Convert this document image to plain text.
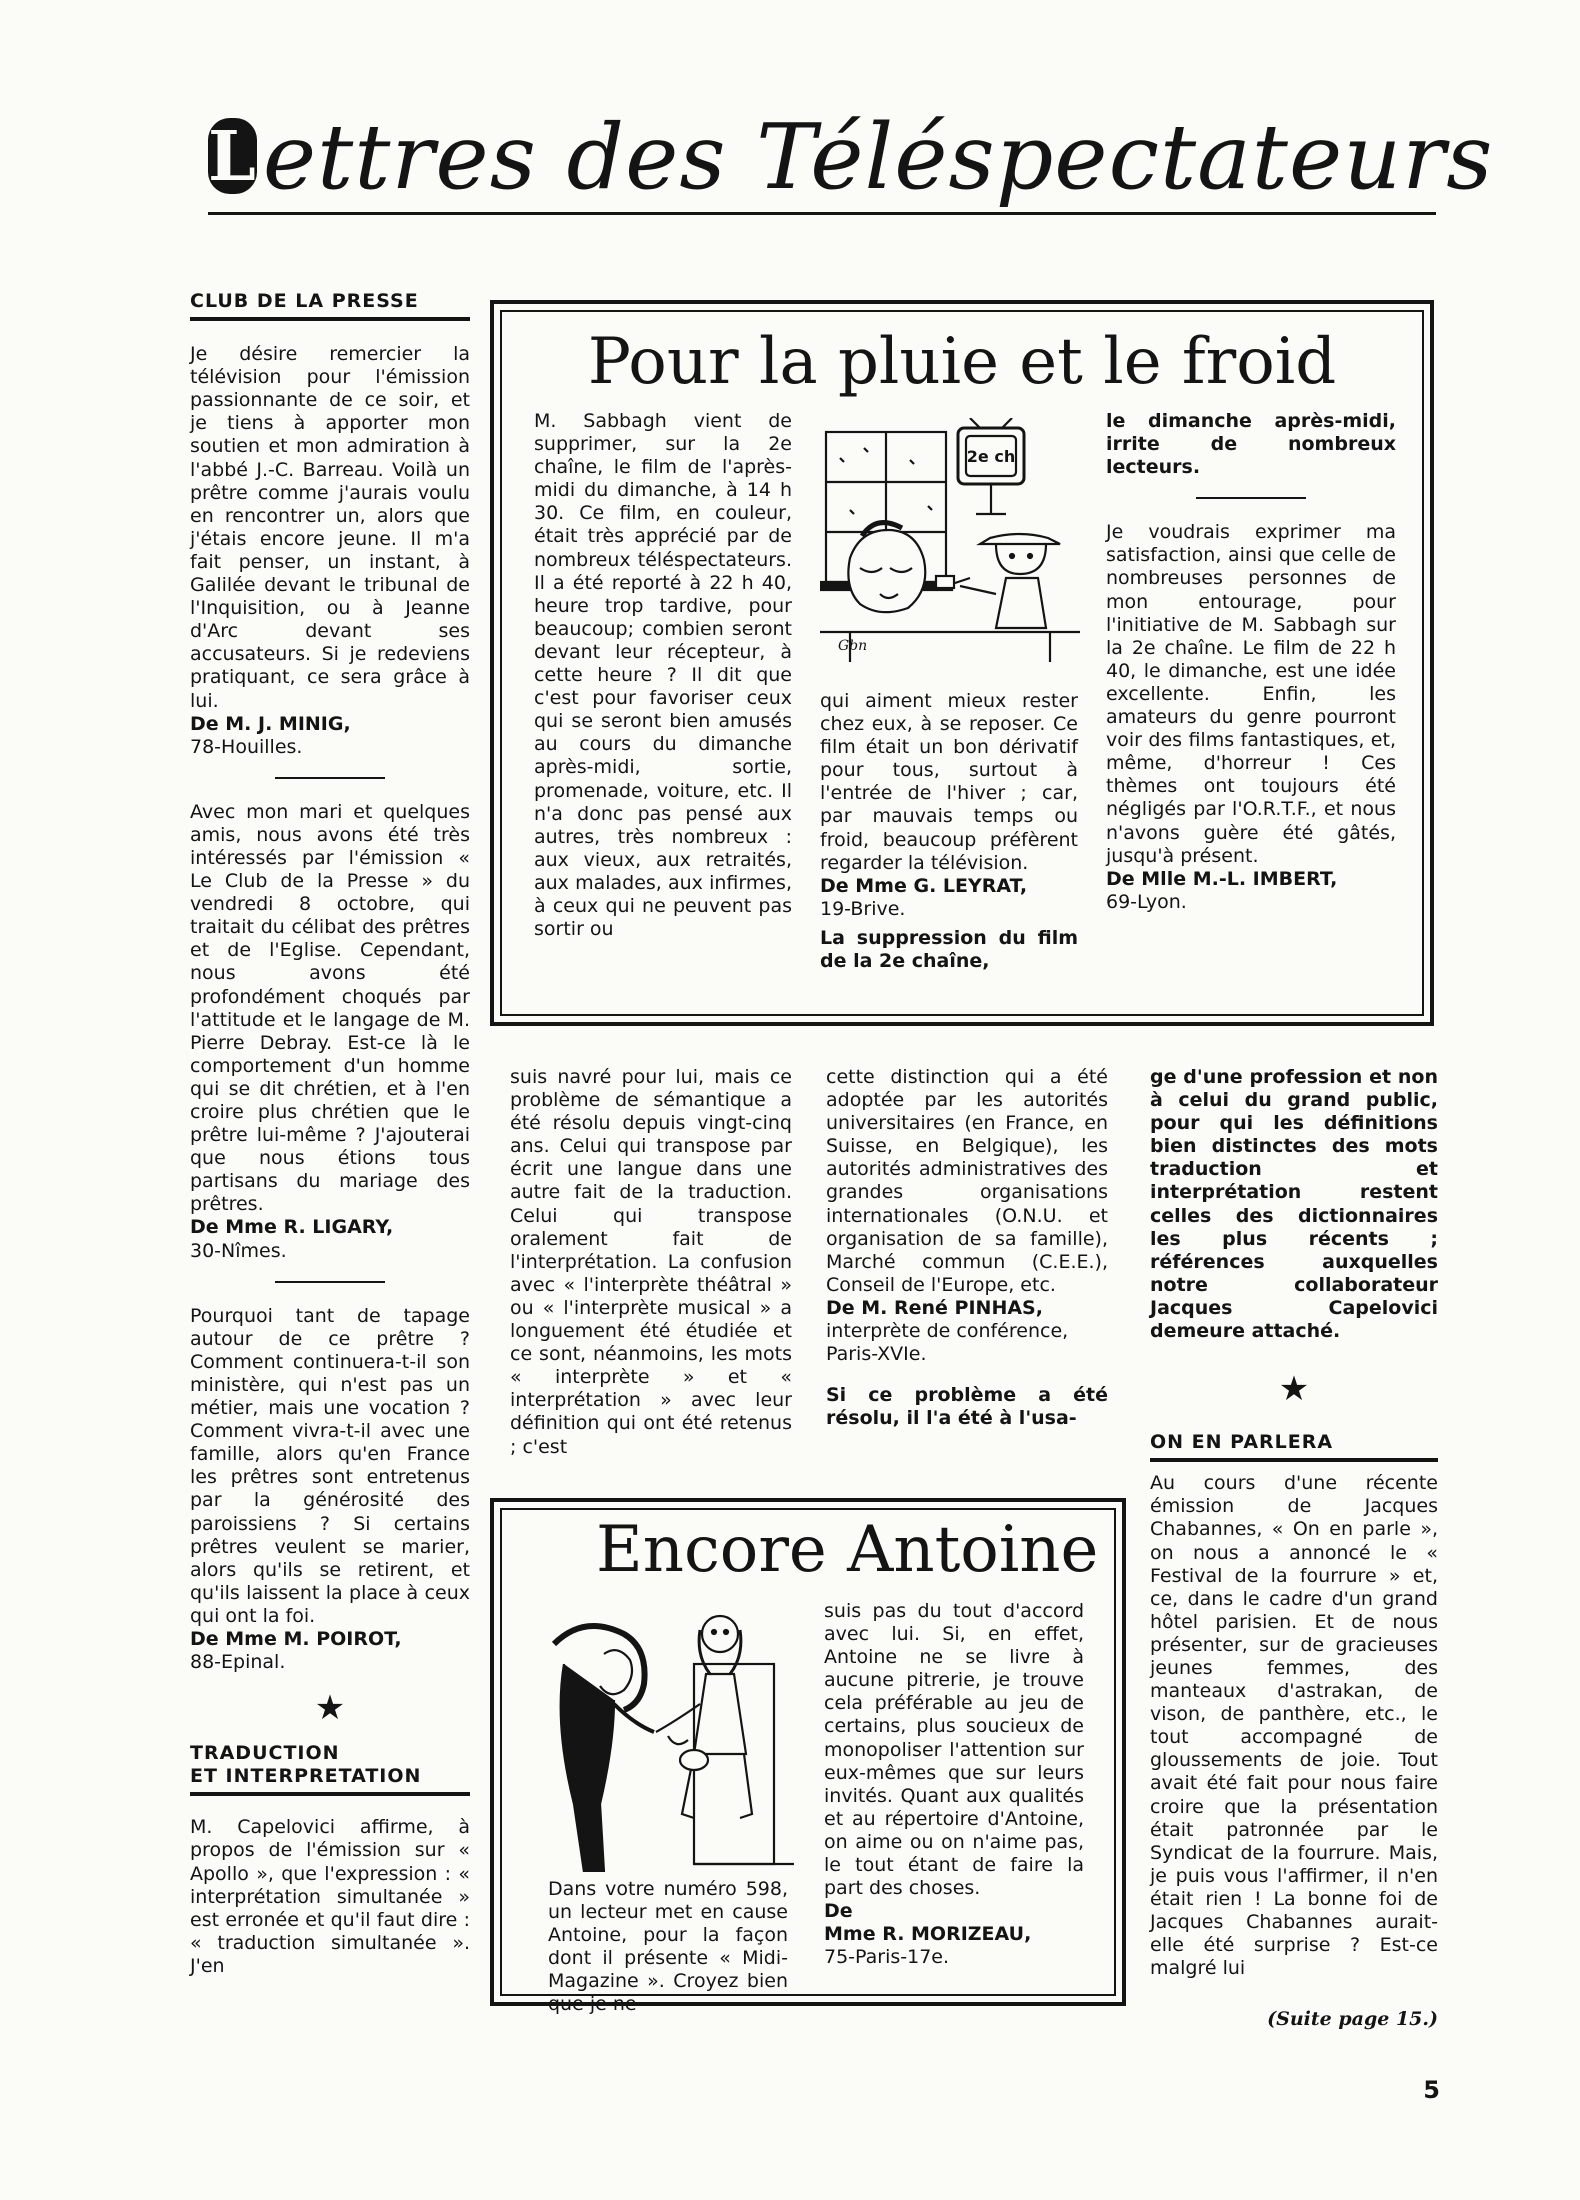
L ettres des Téléspectateurs

CLUB DE LA PRESSE

Je désire remercier la télévision pour l'émission passionnante de ce soir, et je tiens à apporter mon soutien et mon admiration à l'abbé J.-C. Barreau. Voilà un prêtre comme j'aurais voulu en rencontrer un, alors que j'étais encore jeune. Il m'a fait penser, un instant, à Galilée devant le tribunal de l'Inquisition, ou à Jeanne d'Arc devant ses accusateurs. Si je redeviens pratiquant, ce sera grâce à lui.

De M. J. MINIG,

78-Houilles.

Avec mon mari et quelques amis, nous avons été très intéressés par l'émission « Le Club de la Presse » du vendredi 8 octobre, qui traitait du célibat des prêtres et de l'Eglise. Cependant, nous avons été profondément choqués par l'attitude et le langage de M. Pierre Debray. Est-ce là le comportement d'un homme qui se dit chrétien, et à l'en croire plus chrétien que le prêtre lui-même ? J'ajouterai que nous étions tous partisans du mariage des prêtres.

De Mme R. LIGARY,

30-Nîmes.

Pourquoi tant de tapage autour de ce prêtre ? Comment continuera-t-il son ministère, qui n'est pas un métier, mais une vocation ? Comment vivra-t-il avec une famille, alors qu'en France les prêtres sont entretenus par la générosité des paroissiens ? Si certains prêtres veulent se marier, alors qu'ils se retirent, et qu'ils laissent la place à ceux qui ont la foi.

De Mme M. POIROT,

88-Epinal.

★

TRADUCTION

ET INTERPRETATION

M. Capelovici affirme, à propos de l'émission sur « Apollo », que l'expression : « interprétation simultanée » est erronée et qu'il faut dire : « traduction simultanée ». J'en

Pour la pluie et le froid

M. Sabbagh vient de supprimer, sur la 2e chaîne, le film de l'après-midi du dimanche, à 14 h 30. Ce film, en couleur, était très apprécié par de nombreux téléspectateurs. Il a été reporté à 22 h 40, heure trop tardive, pour beaucoup; combien seront devant leur récepteur, à cette heure ? Il dit que c'est pour favoriser ceux qui se seront bien amusés au cours du dimanche après-midi, sortie, promenade, voiture, etc. Il n'a donc pas pensé aux autres, très nombreux : aux vieux, aux retraités, aux malades, aux infirmes, à ceux qui ne peuvent pas sortir ou

2e ch
Gbn

qui aiment mieux rester chez eux, à se reposer. Ce film était un bon dérivatif pour tous, surtout à l'entrée de l'hiver ; car, par mauvais temps ou froid, beaucoup préfèrent regarder la télévision.

De Mme G. LEYRAT,

19-Brive.

La suppression du film de la 2e chaîne,

le dimanche après-midi, irrite de nombreux lecteurs.

Je voudrais exprimer ma satisfaction, ainsi que celle de nombreuses personnes de mon entourage, pour l'initiative de M. Sabbagh sur la 2e chaîne. Le film de 22 h 40, le dimanche, est une idée excellente. Enfin, les amateurs du genre pourront voir des films fantastiques, et, même, d'horreur ! Ces thèmes ont toujours été négligés par l'O.R.T.F., et nous n'avons guère été gâtés, jusqu'à présent.

De Mlle M.-L. IMBERT,

69-Lyon.

suis navré pour lui, mais ce problème de sémantique a été résolu depuis vingt-cinq ans. Celui qui transpose par écrit une langue dans une autre fait de la traduction. Celui qui transpose oralement fait de l'interprétation. La confusion avec « l'interprète théâtral » ou « l'interprète musical » a longuement été étudiée et ce sont, néanmoins, les mots « interprète » et « interprétation » avec leur définition qui ont été retenus ; c'est

cette distinction qui a été adoptée par les autorités universitaires (en France, en Suisse, en Belgique), les autorités administratives des grandes organisations internationales (O.N.U. et organisation de sa famille), Marché commun (C.E.E.), Conseil de l'Europe, etc.

De M. René PINHAS,

interprète de conférence,

Paris-XVIe.

Si ce problème a été résolu, il l'a été à l'usa-

ge d'une profession et non à celui du grand public, pour qui les définitions bien distinctes des mots traduction et interprétation restent celles des dictionnaires les plus récents ; références auxquelles notre collaborateur Jacques Capelovici demeure attaché.

★

ON EN PARLERA

Au cours d'une récente émission de Jacques Chabannes, « On en parle », on nous a annoncé le « Festival de la fourrure » et, ce, dans le cadre d'un grand hôtel parisien. Et de nous présenter, sur de gracieuses jeunes femmes, des manteaux d'astrakan, de vison, de panthère, etc., le tout accompagné de gloussements de joie. Tout avait été fait pour nous faire croire que la présentation était patronnée par le Syndicat de la fourrure. Mais, je puis vous l'affirmer, il n'en était rien ! La bonne foi de Jacques Chabannes aurait-elle été surprise ? Est-ce malgré lui

(Suite page 15.)

Encore Antoine

Dans votre numéro 598, un lecteur met en cause Antoine, pour la façon dont il présente « Midi-Magazine ». Croyez bien que je ne

suis pas du tout d'accord avec lui. Si, en effet, Antoine ne se livre à aucune pitrerie, je trouve cela préférable au jeu de certains, plus soucieux de monopoliser l'attention sur eux-mêmes que sur leurs invités. Quant aux qualités et au répertoire d'Antoine, on aime ou on n'aime pas, le tout étant de faire la part des choses.

De

Mme R. MORIZEAU,

75-Paris-17e.

5
